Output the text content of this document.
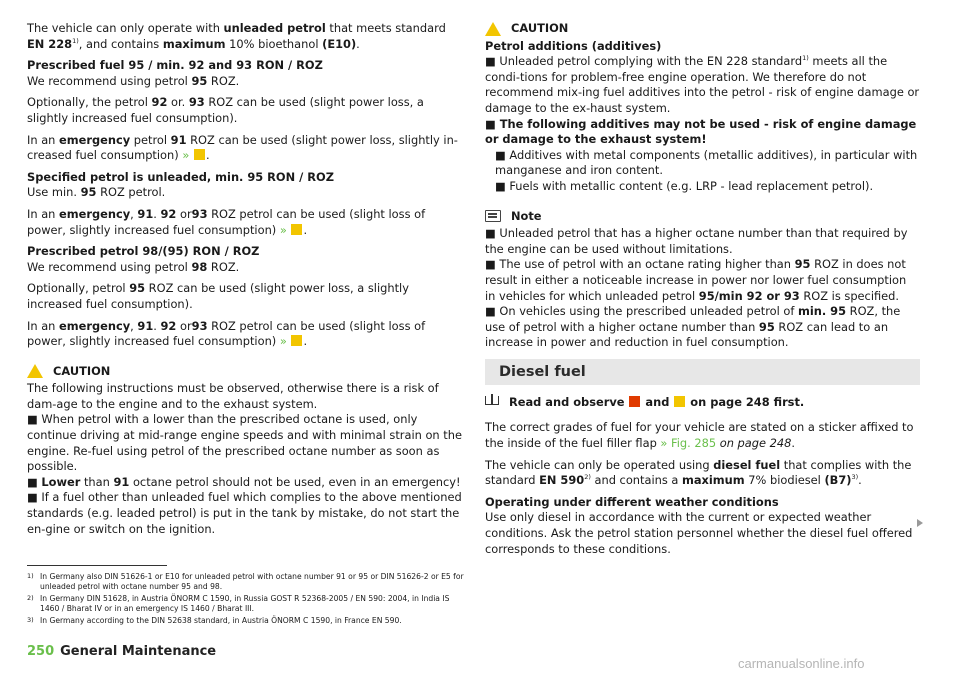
The vehicle can only operate with unleaded petrol that meets standard EN 228$^{1)}$, and contains maximum 10% bioethanol (E10).

Prescribed fuel 95 / min. 92 and 93 RON / ROZ

We recommend using petrol 95 ROZ.

Optionally, the petrol 92 or. 93 ROZ can be used (slight power loss, a slightly increased fuel consumption).

In an emergency petrol 91 ROZ can be used (slight power loss, slightly in-creased fuel consumption) » .

Specified petrol is unleaded, min. 95 RON / ROZ

Use min. 95 ROZ petrol.

In an emergency, 91. 92 or93 ROZ petrol can be used (slight loss of power, slightly increased fuel consumption) » .

Prescribed petrol 98/(95) RON / ROZ

We recommend using petrol 98 ROZ.

Optionally, petrol 95 ROZ can be used (slight power loss, a slightly increased fuel consumption).

In an emergency, 91. 92 or93 ROZ petrol can be used (slight loss of power, slightly increased fuel consumption) » .

CAUTION
The following instructions must be observed, otherwise there is a risk of dam-age to the engine and to the exhaust system.
■ When petrol with a lower than the prescribed octane is used, only continue driving at mid-range engine speeds and with minimal strain on the engine. Re-fuel using petrol of the prescribed octane number as soon as possible.
■ Lower than 91 octane petrol should not be used, even in an emergency!
■ If a fuel other than unleaded fuel which complies to the above mentioned standards (e.g. leaded petrol) is put in the tank by mistake, do not start the en-gine or switch on the ignition.
CAUTION
Petrol additions (additives)
■ Unleaded petrol complying with the EN 228 standard$^{1)}$ meets all the condi-tions for problem-free engine operation. We therefore do not recommend mix-ing fuel additives into the petrol - risk of engine damage or damage to the ex-haust system.
■ The following additives may not be used - risk of engine damage or damage to the exhaust system!
■ Additives with metal components (metallic additives), in particular with manganese and iron content.
■ Fuels with metallic content (e.g. LRP - lead replacement petrol).
Note
■ Unleaded petrol that has a higher octane number than that required by the engine can be used without limitations.
■ The use of petrol with an octane rating higher than 95 ROZ in does not result in either a noticeable increase in power nor lower fuel consumption in vehicles for which unleaded petrol 95/min 92 or 93 ROZ is specified.
■ On vehicles using the prescribed unleaded petrol of min. 95 ROZ, the use of petrol with a higher octane number than 95 ROZ can lead to an increase in power and reduction in fuel consumption.
Diesel fuel

Read and observe  and  on page 248 first.

The correct grades of fuel for your vehicle are stated on a sticker affixed to the inside of the fuel filler flap » Fig. 285 on page 248.

The vehicle can only be operated using diesel fuel that complies with the standard EN 590$^{2)}$ and contains a maximum 7% biodiesel $(B7)^{3)}$.

Operating under different weather conditions
Use only diesel in accordance with the current or expected weather conditions. Ask the petrol station personnel whether the diesel fuel offered corresponds to these conditions.
1) In Germany also DIN 51626-1 or E10 for unleaded petrol with octane number 91 or 95 or DIN 51626-2 or E5 for unleaded petrol with octane number 95 and 98.
2) In Germany DIN 51628, in Austria ÖNORM C 1590, in Russia GOST R 52368-2005 / EN 590: 2004, in India IS 1460 / Bharat IV or in an emergency IS 1460 / Bharat III.
3) In Germany according to the DIN 52638 standard, in Austria ÖNORM C 1590, in France EN 590.
250 General Maintenance
carmanualsonline.info
